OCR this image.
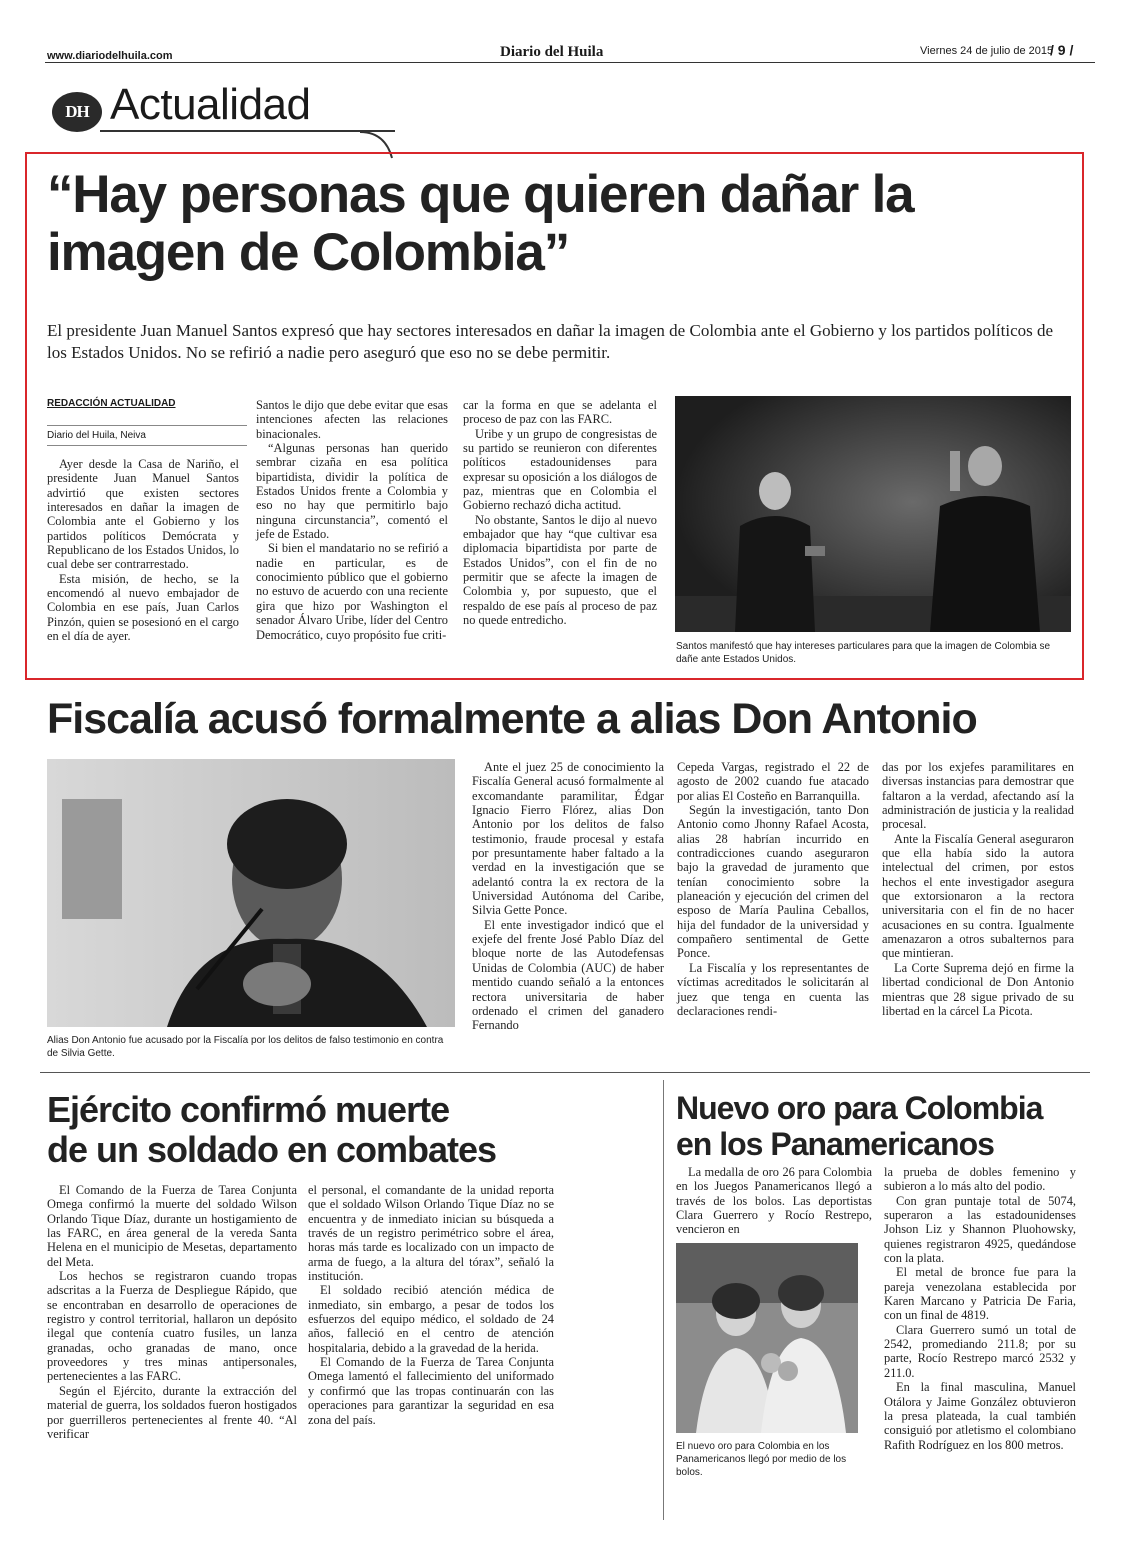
www.diariodelhuila.com	Diario del Huila	Viernes 24 de julio de 2015
/ 9 /
DH Actualidad
“Hay personas que quieren dañar la imagen de Colombia”
El presidente Juan Manuel Santos expresó que hay sectores interesados en dañar la imagen de Colombia ante el Gobierno y los partidos políticos de los Estados Unidos. No se refirió a nadie pero aseguró que eso no se debe permitir.
REDACCIÓN ACTUALIDAD
Diario del Huila, Neiva

Ayer desde la Casa de Nariño, el presidente Juan Manuel Santos advirtió que existen sectores interesados en dañar la imagen de Colombia ante el Gobierno y los partidos políticos Demócrata y Republicano de los Estados Unidos, lo cual debe ser contrarrestado.

Esta misión, de hecho, se la encomendó al nuevo embajador de Colombia en ese país, Juan Carlos Pinzón, quien se posesionó en el cargo en el día de ayer.

Santos le dijo que debe evitar que esas intenciones afecten las relaciones binacionales.

“Algunas personas han querido sembrar cizaña en esa política bipartidista, dividir la política de Estados Unidos frente a Colombia y eso no hay que permitirlo bajo ninguna circunstancia”, comentó el jefe de Estado.

Si bien el mandatario no se refirió a nadie en particular, es de conocimiento público que el gobierno no estuvo de acuerdo con una reciente gira que hizo por Washington el senador Álvaro Uribe, líder del Centro Democrático, cuyo propósito fue criti-

car la forma en que se adelanta el proceso de paz con las FARC.

Uribe y un grupo de congresistas de su partido se reunieron con diferentes políticos estadounidenses para expresar su oposición a los diálogos de paz, mientras que en Colombia el Gobierno rechazó dicha actitud.

No obstante, Santos le dijo al nuevo embajador que hay “que cultivar esa diplomacia bipartidista por parte de Estados Unidos”, con el fin de no permitir que se afecte la imagen de Colombia y, por supuesto, que el respaldo de ese país al proceso de paz no quede entredicho.

Santos manifestó que hay intereses particulares para que la imagen de Colombia se dañe ante Estados Unidos.
Fiscalía acusó formalmente a alias Don Antonio
Alias Don Antonio fue acusado por la Fiscalía por los delitos de falso testimonio en contra de Silvia Gette.

Ante el juez 25 de conocimiento la Fiscalía General acusó formalmente al excomandante paramilitar, Édgar Ignacio Fierro Flórez, alias Don Antonio por los delitos de falso testimonio, fraude procesal y estafa por presuntamente haber faltado a la verdad en la investigación que se adelantó contra la ex rectora de la Universidad Autónoma del Caribe, Silvia Gette Ponce.

El ente investigador indicó que el exjefe del frente José Pablo Díaz del bloque norte de las Autodefensas Unidas de Colombia (AUC) de haber mentido cuando señaló a la entonces rectora universitaria de haber ordenado el crimen del ganadero Fernando

Cepeda Vargas, registrado el 22 de agosto de 2002 cuando fue atacado por alias El Costeño en Barranquilla.

Según la investigación, tanto Don Antonio como Jhonny Rafael Acosta, alias 28 habrían incurrido en contradicciones cuando aseguraron bajo la gravedad de juramento que tenían conocimiento sobre la planeación y ejecución del crimen del esposo de María Paulina Ceballos, hija del fundador de la universidad y compañero sentimental de Gette Ponce.

La Fiscalía y los representantes de víctimas acreditados le solicitarán al juez que tenga en cuenta las declaraciones rendi-

das por los exjefes paramilitares en diversas instancias para demostrar que faltaron a la verdad, afectando así la administración de justicia y la realidad procesal.

Ante la Fiscalía General aseguraron que ella había sido la autora intelectual del crimen, por estos hechos el ente investigador asegura que extorsionaron a la rectora universitaria con el fin de no hacer acusaciones en su contra. Igualmente amenazaron a otros subalternos para que mintieran.

La Corte Suprema dejó en firme la libertad condicional de Don Antonio mientras que 28 sigue privado de su libertad en la cárcel La Picota.

Ejército confirmó muerte
de un soldado en combates

El Comando de la Fuerza de Tarea Conjunta Omega confirmó la muerte del soldado Wilson Orlando Tique Díaz, durante un hostigamiento de las FARC, en área general de la vereda Santa Helena en el municipio de Mesetas, departamento del Meta.

Los hechos se registraron cuando tropas adscritas a la Fuerza de Despliegue Rápido, que se encontraban en desarrollo de operaciones de registro y control territorial, hallaron un depósito ilegal que contenía cuatro fusiles, un lanza granadas, ocho granadas de mano, once proveedores y tres minas antipersonales, pertenecientes a las FARC.

Según el Ejército, durante la extracción del material de guerra, los soldados fueron hostigados por guerrilleros pertenecientes al frente 40. “Al verificar

el personal, el comandante de la unidad reporta que el soldado Wilson Orlando Tique Díaz no se encuentra y de inmediato inician su búsqueda a través de un registro perimétrico sobre el área, horas más tarde es localizado con un impacto de arma de fuego, a la altura del tórax”, señaló la institución.

El soldado recibió atención médica de inmediato, sin embargo, a pesar de todos los esfuerzos del equipo médico, el soldado de 24 años, falleció en el centro de atención hospitalaria, debido a la gravedad de la herida.

El Comando de la Fuerza de Tarea Conjunta Omega lamentó el fallecimiento del uniformado y confirmó que las tropas continuarán con las operaciones para garantizar la seguridad en esa zona del país.

Nuevo oro para Colombia
en los Panamericanos

La medalla de oro 26 para Colombia en los Juegos Panamericanos llegó a través de los bolos. Las deportistas Clara Guerrero y Rocío Restrepo, vencieron en

El nuevo oro para Colombia en los Panamericanos llegó por medio de los bolos.

la prueba de dobles femenino y subieron a lo más alto del podio.

Con gran puntaje total de 5074, superaron a las estadounidenses Johson Liz y Shannon Pluohowsky, quienes registraron 4925, quedándose con la plata.

El metal de bronce fue para la pareja venezolana establecida por Karen Marcano y Patricia De Faria, con un final de 4819.

Clara Guerrero sumó un total de 2542, promediando 211.8; por su parte, Rocío Restrepo marcó 2532 y 211.0.

En la final masculina, Manuel Otálora y Jaime González obtuvieron la presa plateada, la cual también consiguió por atletismo el colombiano Rafith Rodríguez en los 800 metros.
